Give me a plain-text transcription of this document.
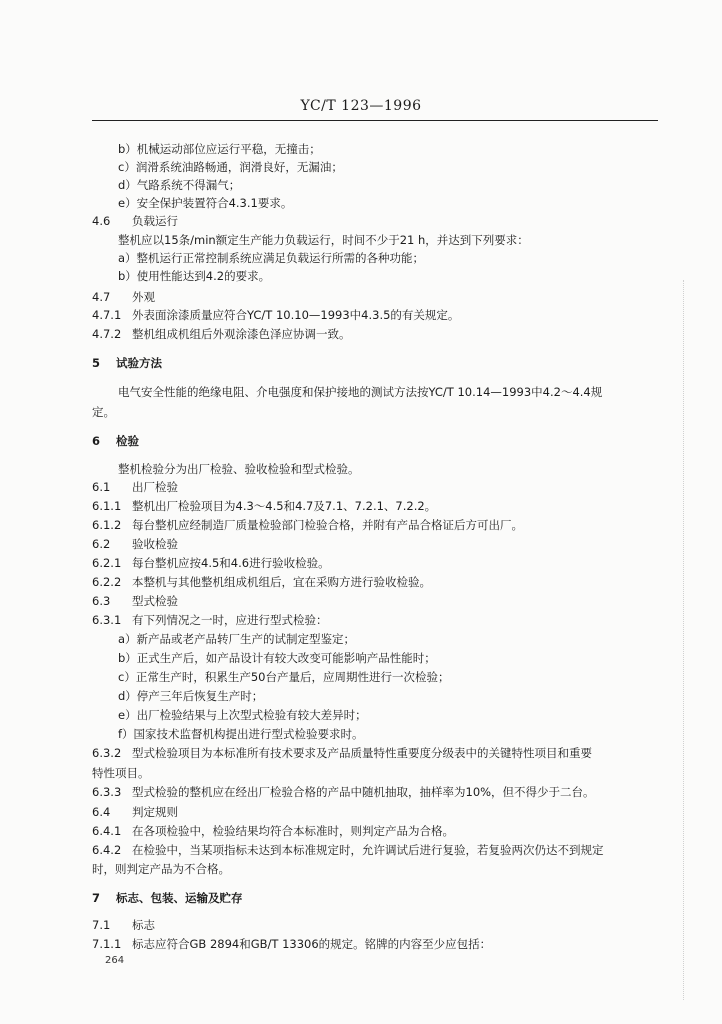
YC/T 123—1996
b）机械运动部位应运行平稳，无撞击；
c）润滑系统油路畅通，润滑良好，无漏油；
d）气路系统不得漏气；
e）安全保护装置符合4.3.1要求。
4.6 负载运行
整机应以15条/min额定生产能力负载运行，时间不少于21 h，并达到下列要求：
a）整机运行正常控制系统应满足负载运行所需的各种功能；
b）使用性能达到4.2的要求。
4.7 外观
4.7.1 外表面涂漆质量应符合YC/T 10.10—1993中4.3.5的有关规定。
4.7.2 整机组成机组后外观涂漆色泽应协调一致。
5 试验方法
电气安全性能的绝缘电阻、介电强度和保护接地的测试方法按YC/T 10.14—1993中4.2～4.4规
定。
6 检验
整机检验分为出厂检验、验收检验和型式检验。
6.1 出厂检验
6.1.1 整机出厂检验项目为4.3～4.5和4.7及7.1、7.2.1、7.2.2。
6.1.2 每台整机应经制造厂质量检验部门检验合格，并附有产品合格证后方可出厂。
6.2 验收检验
6.2.1 每台整机应按4.5和4.6进行验收检验。
6.2.2 本整机与其他整机组成机组后，宜在采购方进行验收检验。
6.3 型式检验
6.3.1 有下列情况之一时，应进行型式检验：
a）新产品或老产品转厂生产的试制定型鉴定；
b）正式生产后，如产品设计有较大改变可能影响产品性能时；
c）正常生产时，积累生产50台产量后，应周期性进行一次检验；
d）停产三年后恢复生产时；
e）出厂检验结果与上次型式检验有较大差异时；
f）国家技术监督机构提出进行型式检验要求时。
6.3.2 型式检验项目为本标准所有技术要求及产品质量特性重要度分级表中的关键特性项目和重要
特性项目。
6.3.3 型式检验的整机应在经出厂检验合格的产品中随机抽取，抽样率为10%，但不得少于二台。
6.4 判定规则
6.4.1 在各项检验中，检验结果均符合本标准时，则判定产品为合格。
6.4.2 在检验中，当某项指标未达到本标准规定时，允许调试后进行复验，若复验两次仍达不到规定
时，则判定产品为不合格。
7 标志、包装、运输及贮存
7.1 标志
7.1.1 标志应符合GB 2894和GB/T 13306的规定。铭牌的内容至少应包括：
264
